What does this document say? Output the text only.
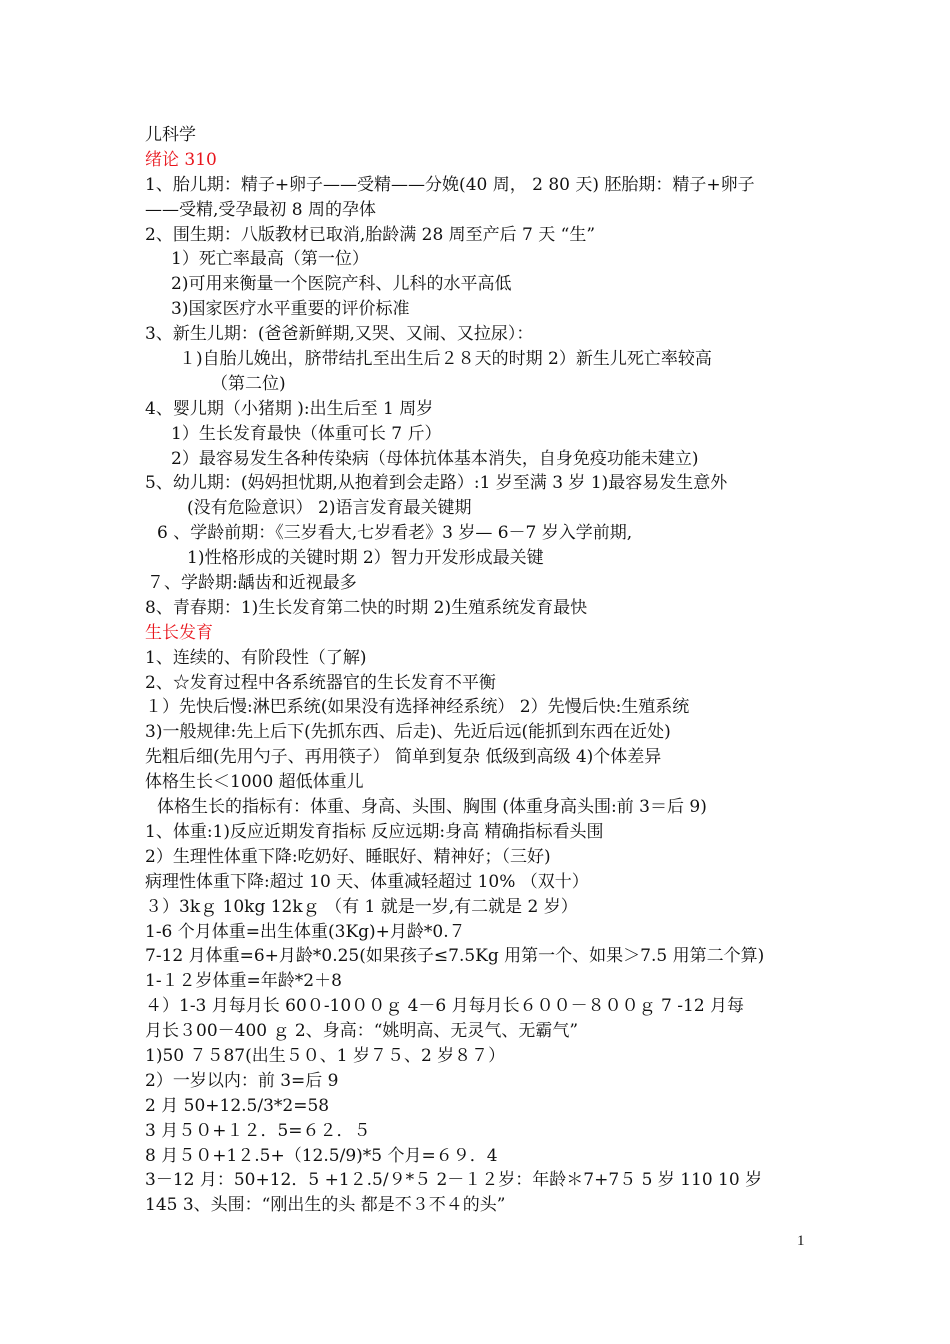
儿科学
绪论 310
1、胎儿期：精子+卵子——受精——分娩(40 周， 2 80 天) 胚胎期：精子+卵子
——受精,受孕最初 8 周的孕体
2、围生期：八版教材已取消,胎龄满 28 周至产后 7 天 “生”
1）死亡率最高（第一位）
2)可用来衡量一个医院产科、儿科的水平高低
3)国家医疗水平重要的评价标准
3、新生儿期：(爸爸新鲜期,又哭、又闹、又拉尿）：
１)自胎儿娩出，脐带结扎至出生后２８天的时期 2）新生儿死亡率较高
（第二位)
4、婴儿期（小猪期 ):出生后至 1 周岁
1）生长发育最快（体重可长 7 斤）
2）最容易发生各种传染病（母体抗体基本消失，自身免疫功能未建立)
5、幼儿期：(妈妈担忧期,从抱着到会走路）:1 岁至满 3 岁 1)最容易发生意外
(没有危险意识） 2)语言发育最关键期
6 、学龄前期：《三岁看大,七岁看老》3 岁— 6－7 岁入学前期,
1)性格形成的关键时期 2）智力开发形成最关键
７、学龄期:龋齿和近视最多
8、青春期：1)生长发育第二快的时期 2)生殖系统发育最快
生长发育
1、连续的、有阶段性（了解)
2、☆发育过程中各系统器官的生长发育不平衡
１）先快后慢:淋巴系统(如果没有选择神经系统） 2）先慢后快:生殖系统
3)一般规律:先上后下(先抓东西、后走)、先近后远(能抓到东西在近处)
先粗后细(先用勺子、再用筷子） 简单到复杂 低级到高级 4)个体差异
体格生长＜1000 超低体重儿
体格生长的指标有：体重、身高、头围、胸围 (体重身高头围:前 3＝后 9)
1、体重:1)反应近期发育指标 反应远期:身高 精确指标看头围
2）生理性体重下降:吃奶好、睡眠好、精神好；（三好)
病理性体重下降:超过 10 天、体重减轻超过 10% （双十）
３）3kｇ 10kg 12kｇ （有 1 就是一岁,有二就是 2 岁）
1-6 个月体重=出生体重(3Kg)+月龄*0.７
7-12 月体重=6+月龄*0.25(如果孩子≤7.5Kg 用第一个、如果＞7.5 用第二个算)
1-１２岁体重=年龄*2＋8
４）1-3 月每月长 60０-10００ｇ 4－6 月每月长６００－８００ｇ 7 -12 月每
月长３00－400 ｇ 2、身高：“姚明高、无灵气、无霸气”
1)50 ７５87(出生５０、1 岁７５、2 岁８７）
2）一岁以内：前 3=后 9
2 月 50+12.5/3*2=58
3 月５０+１２．5=６２．５
8 月５０+1２.5+（12.5/9)*5 个月=６９．4
3－12 月：50+12．5 +1２.5/９*５ 2－１２岁：年龄＊7+7５ 5 岁 110 10 岁
145 3、头围：“刚出生的头 都是不３不４的头”
1
